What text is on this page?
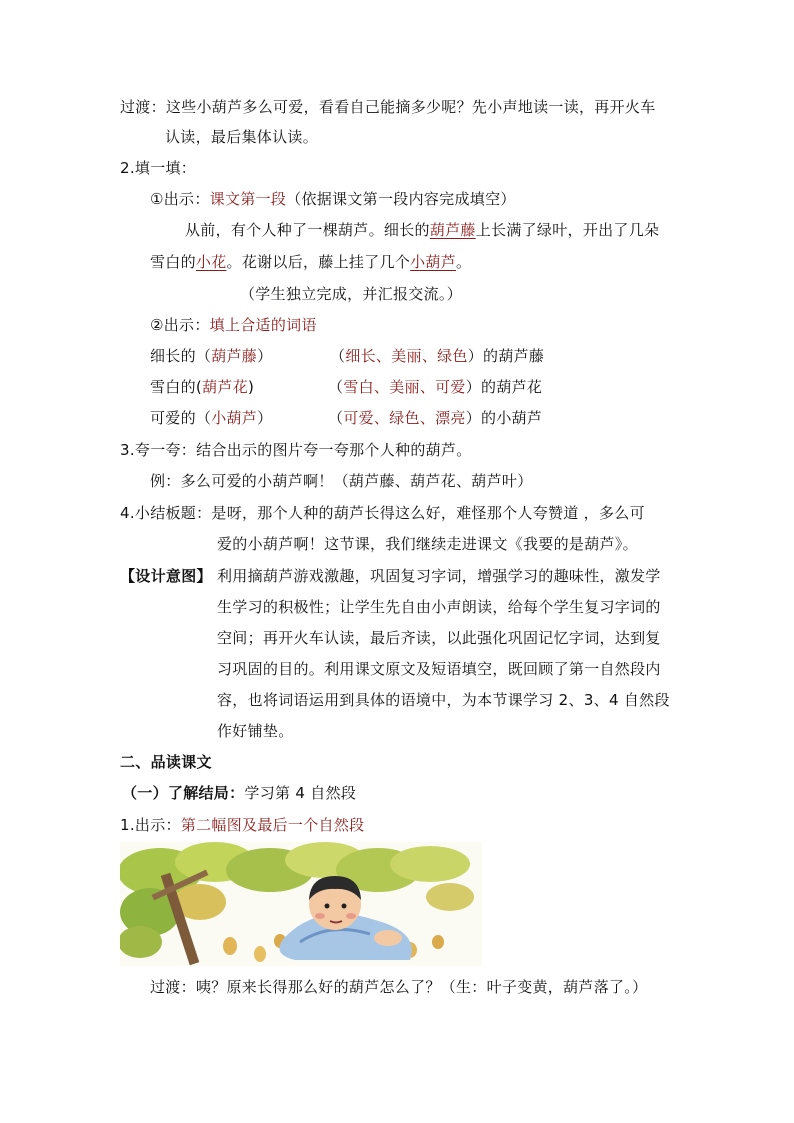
过渡：这些小葫芦多么可爱，看看自己能摘多少呢？先小声地读一读，再开火车
认读，最后集体认读。
2.填一填：
①出示：课文第一段（依据课文第一段内容完成填空）
从前，有个人种了一棵葫芦。细长的葫芦藤上长满了绿叶，开出了几朵
雪白的小花。花谢以后，藤上挂了几个小葫芦。
（学生独立完成，并汇报交流。）
②出示：填上合适的词语
细长的（葫芦藤）	（细长、美丽、绿色）的葫芦藤
雪白的(葫芦花)	（雪白、美丽、可爱）的葫芦花
可爱的（小葫芦）	（可爱、绿色、漂亮）的小葫芦
3.夸一夸：结合出示的图片夸一夸那个人种的葫芦。
例：多么可爱的小葫芦啊！（葫芦藤、葫芦花、葫芦叶）
4.小结板题：是呀，那个人种的葫芦长得这么好，难怪那个人夸赞道 ，多么可
爱的小葫芦啊！这节课，我们继续走进课文《我要的是葫芦》。
【设计意图】 利用摘葫芦游戏激趣，巩固复习字词，增强学习的趣味性，激发学
生学习的积极性；让学生先自由小声朗读，给每个学生复习字词的
空间；再开火车认读，最后齐读，以此强化巩固记忆字词，达到复
习巩固的目的。利用课文原文及短语填空，既回顾了第一自然段内
容，也将词语运用到具体的语境中，为本节课学习 2、3、4 自然段
作好铺垫。
二、品读课文
（一）了解结局：学习第 4 自然段
1.出示：第二幅图及最后一个自然段
过渡：咦？原来长得那么好的葫芦怎么了？（生：叶子变黄，葫芦落了。）
